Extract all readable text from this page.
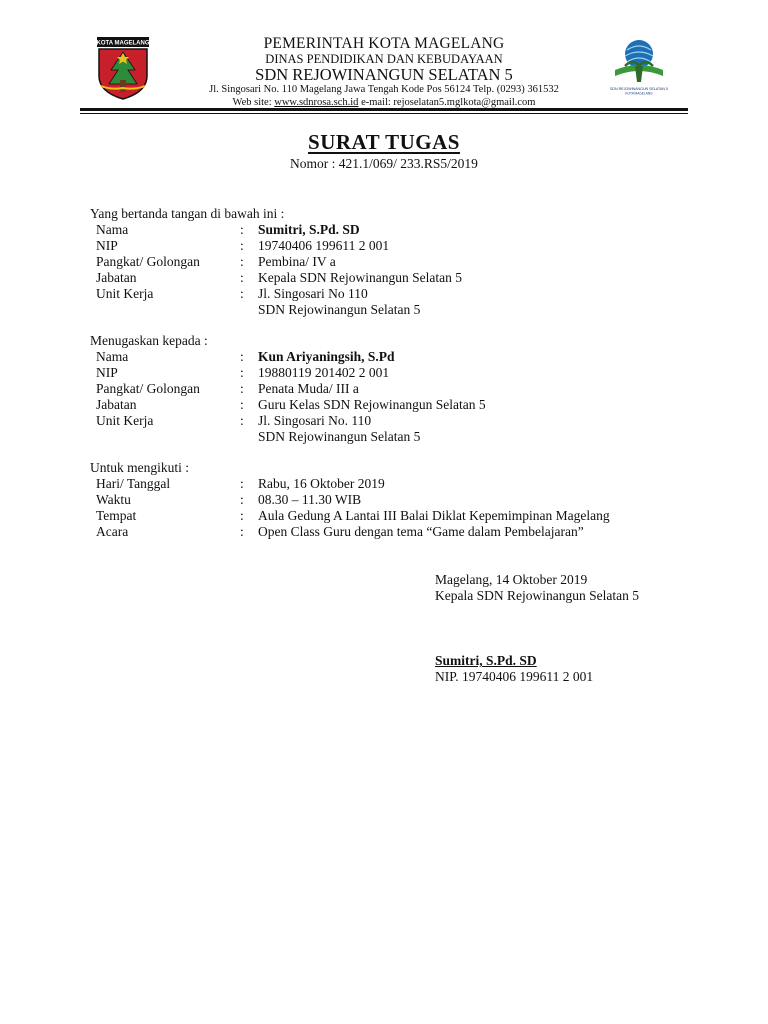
KOTA MAGELANG	PEMERINTAH KOTA MAGELANG
DINAS PENDIDIKAN DAN KEBUDAYAAN
SDN REJOWINANGUN SELATAN 5
Jl. Singosari No. 110 Magelang Jawa Tengah Kode Pos 56124 Telp. (0293) 361532
Web site: www.sdnrosa.sch.id e-mail: rejoselatan5.mglkota@gmail.com
SDN REJOWINANGUN SELATAN 5
KOTA MAGELANG
SURAT TUGAS
Nomor : 421.1/069/ 233.RS5/2019
Yang bertanda tangan di bawah ini :
Nama	: Sumitri, S.Pd. SD
NIP	: 19740406 199611 2 001
Pangkat/ Golongan	: Pembina/ IV a
Jabatan	: Kepala SDN Rejowinangun Selatan 5
Unit Kerja	: Jl. Singosari No 110
SDN Rejowinangun Selatan 5
Menugaskan kepada :
Nama	: Kun Ariyaningsih, S.Pd
NIP	: 19880119 201402 2 001
Pangkat/ Golongan	: Penata Muda/ III a
Jabatan	: Guru Kelas SDN Rejowinangun Selatan 5
Unit Kerja	: Jl. Singosari No. 110
SDN Rejowinangun Selatan 5
Untuk mengikuti :
Hari/ Tanggal	: Rabu, 16 Oktober 2019
Waktu	: 08.30 – 11.30 WIB
Tempat	: Aula Gedung A Lantai III Balai Diklat Kepemimpinan Magelang
Acara	: Open Class Guru dengan tema “Game dalam Pembelajaran”
Magelang, 14 Oktober 2019
Kepala SDN Rejowinangun Selatan 5
Sumitri, S.Pd. SD
NIP. 19740406 199611 2 001
